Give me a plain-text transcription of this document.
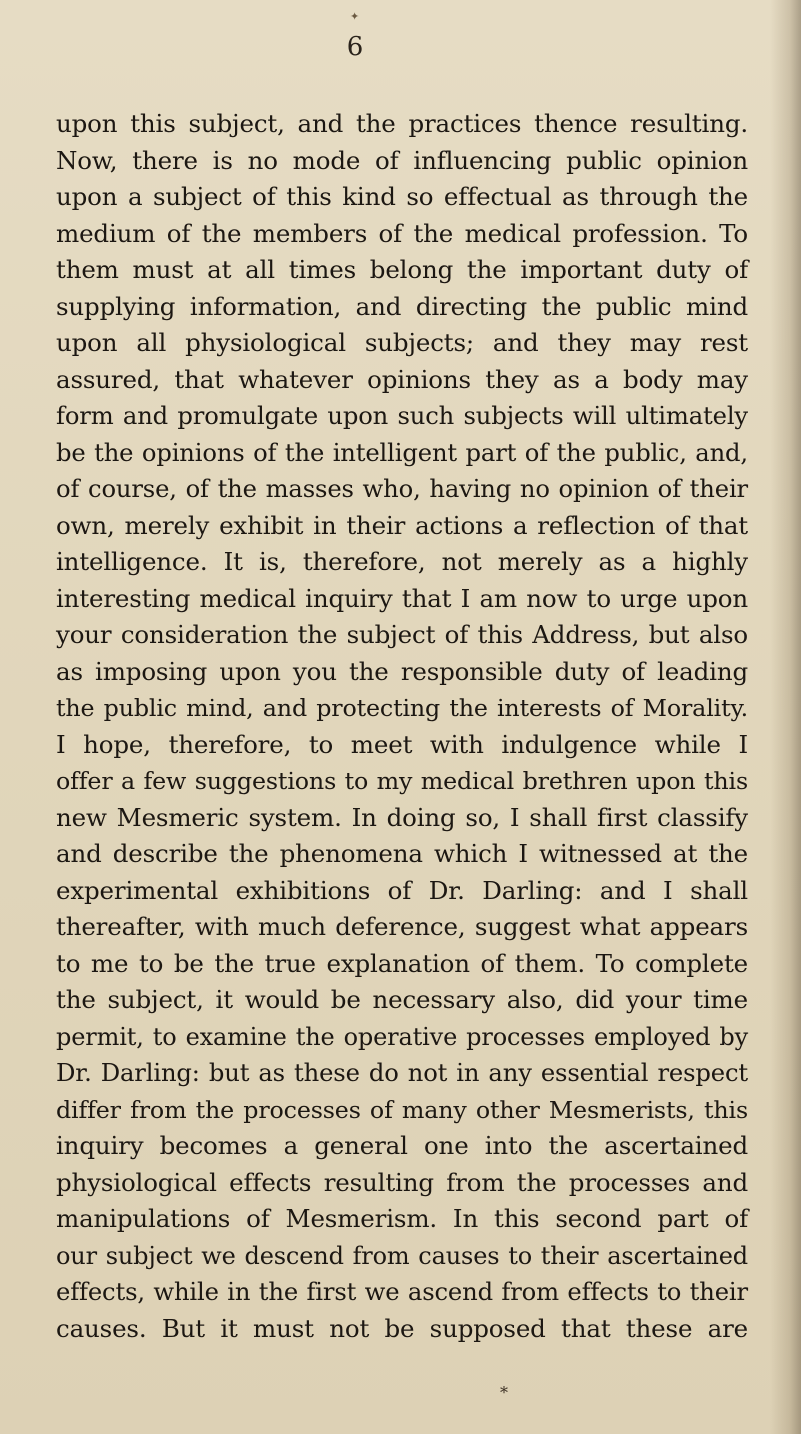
✦
6
upon this subject, and the practices thence resulting.
Now, there is no mode of influencing public opinion
upon a subject of this kind so effectual as through the
medium of the members of the medical profession. To
them must at all times belong the important duty of
supplying information, and directing the public mind
upon all physiological subjects; and they may rest
assured, that whatever opinions they as a body may
form and promulgate upon such subjects will ultimately
be the opinions of the intelligent part of the public, and,
of course, of the masses who, having no opinion of their
own, merely exhibit in their actions a reflection of that
intelligence. It is, therefore, not merely as a highly
interesting medical inquiry that I am now to urge upon
your consideration the subject of this Address, but also
as imposing upon you the responsible duty of leading
the public mind, and protecting the interests of Morality.
I hope, therefore, to meet with indulgence while I
offer a few suggestions to my medical brethren upon this
new Mesmeric system. In doing so, I shall first classify
and describe the phenomena which I witnessed at the
experimental exhibitions of Dr. Darling: and I shall
thereafter, with much deference, suggest what appears
to me to be the true explanation of them. To complete
the subject, it would be necessary also, did your time
permit, to examine the operative processes employed by
Dr. Darling: but as these do not in any essential respect
differ from the processes of many other Mesmerists, this
inquiry becomes a general one into the ascertained
physiological effects resulting from the processes and
manipulations of Mesmerism. In this second part of
our subject we descend from causes to their ascertained
effects, while in the first we ascend from effects to their
causes. But it must not be supposed that these are
*
